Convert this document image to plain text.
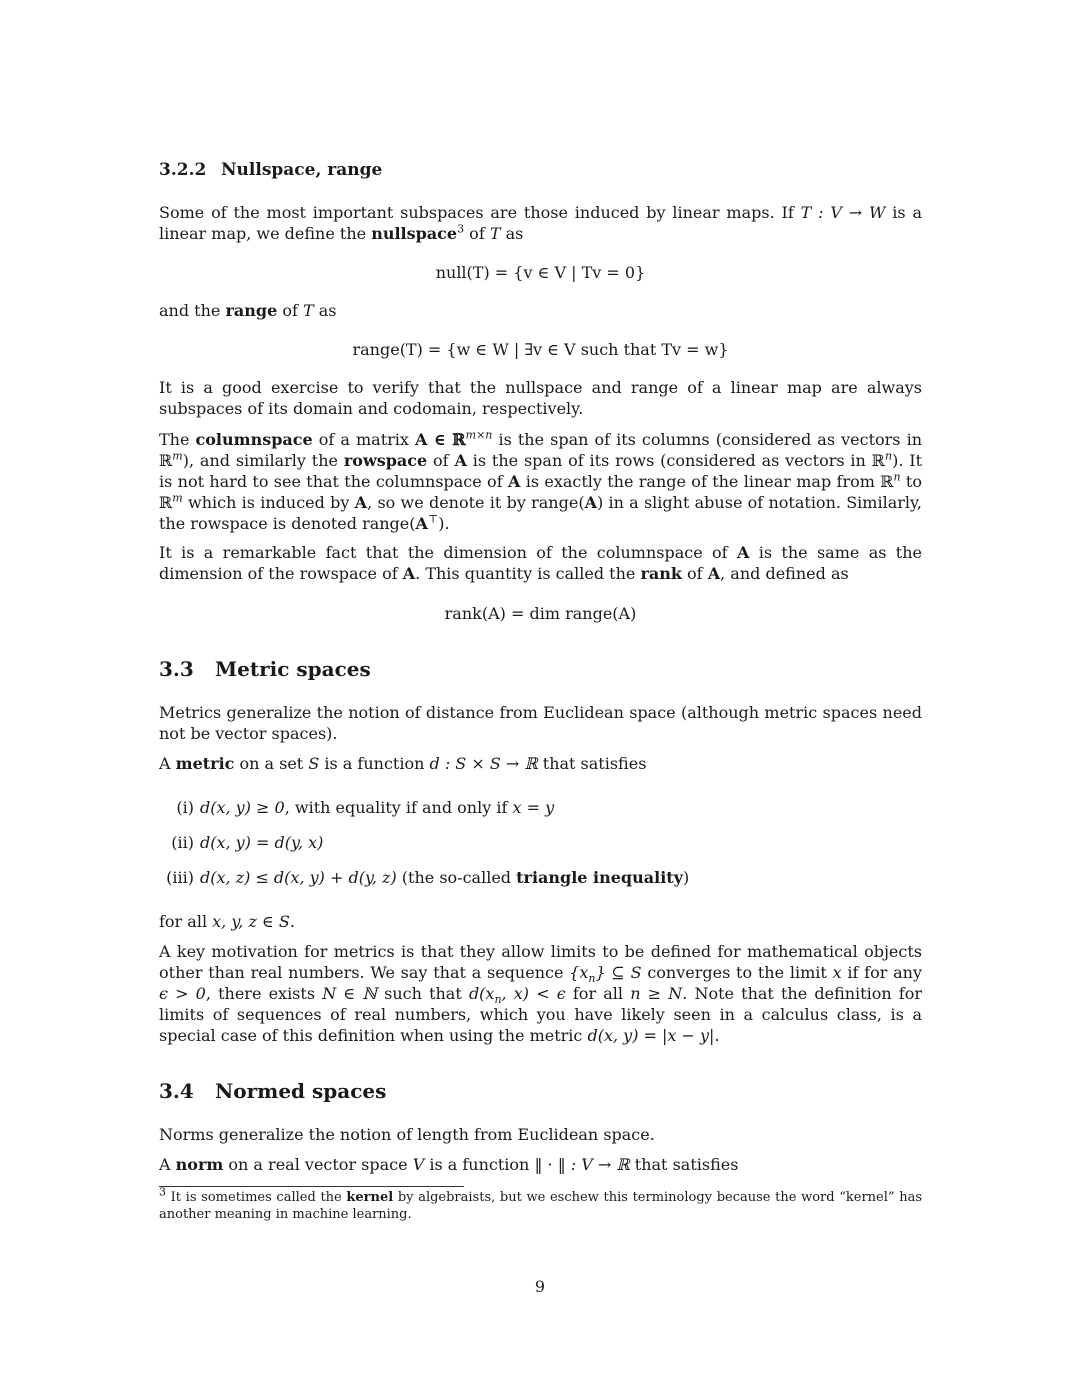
3.2.2 Nullspace, range

Some of the most important subspaces are those induced by linear maps. If T : V → W is a linear map, we define the nullspace$^3$ of T as

null(T) = {v ∈ V | Tv = 0}

and the range of T as

range(T) = {w ∈ W | ∃v ∈ V such that Tv = w}

It is a good exercise to verify that the nullspace and range of a linear map are always subspaces of its domain and codomain, respectively.

The columnspace of a matrix A ∈ ℝ$^{m\times n}$ is the span of its columns (considered as vectors in ℝ$^m$), and similarly the rowspace of A is the span of its rows (considered as vectors in ℝ$^n$). It is not hard to see that the columnspace of A is exactly the range of the linear map from ℝ$^n$ to ℝ$^m$ which is induced by A, so we denote it by range(A) in a slight abuse of notation. Similarly, the rowspace is denoted range(A⊤).

It is a remarkable fact that the dimension of the columnspace of A is the same as the dimension of the rowspace of A. This quantity is called the rank of A, and defined as

rank(A) = dim range(A)
3.3 Metric spaces

Metrics generalize the notion of distance from Euclidean space (although metric spaces need not be vector spaces).

A metric on a set S is a function d : S × S → ℝ that satisfies

(i) d(x, y) ≥ 0, with equality if and only if x = y
(ii) d(x, y) = d(y, x)
(iii) d(x, z) ≤ d(x, y) + d(y, z) (the so-called triangle inequality)

for all x, y, z ∈ S.

A key motivation for metrics is that they allow limits to be defined for mathematical objects other than real numbers. We say that a sequence $\{x_n\}$ ⊆ S converges to the limit x if for any ϵ > 0, there exists N ∈ ℕ such that $d(x_n$, x) < ϵ for all n ≥ N. Note that the definition for limits of sequences of real numbers, which you have likely seen in a calculus class, is a special case of this definition when using the metric d(x, y) = |x − y|.

3.4 Normed spaces

Norms generalize the notion of length from Euclidean space.

A norm on a real vector space V is a function ‖ · ‖ : V → ℝ that satisfies

$^3$ It is sometimes called the kernel by algebraists, but we eschew this terminology because the word “kernel” has another meaning in machine learning.

9
